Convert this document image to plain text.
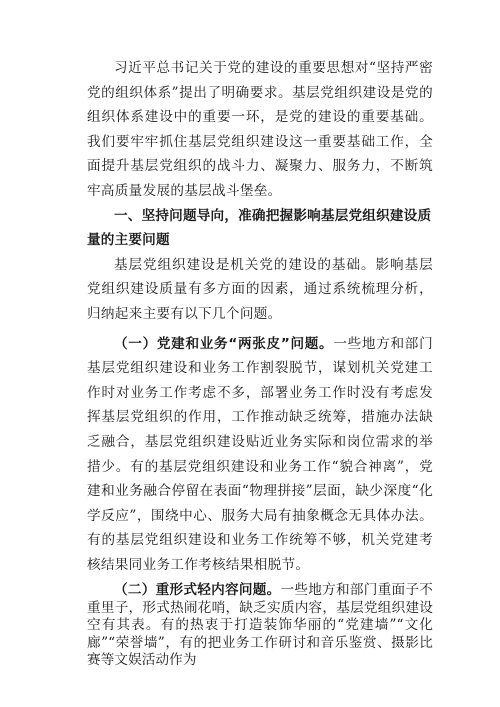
习近平总书记关于党的建设的重要思想对“坚持严密党的组织体系”提出了明确要求。基层党组织建设是党的组织体系建设中的重要一环，是党的建设的重要基础。我们要牢牢抓住基层党组织建设这一重要基础工作，全面提升基层党组织的战斗力、凝聚力、服务力，不断筑牢高质量发展的基层战斗堡垒。

一、坚持问题导向，准确把握影响基层党组织建设质量的主要问题

基层党组织建设是机关党的建设的基础。影响基层党组织建设质量有多方面的因素，通过系统梳理分析，归纳起来主要有以下几个问题。

（一）党建和业务“两张皮”问题。一些地方和部门基层党组织建设和业务工作割裂脱节，谋划机关党建工作时对业务工作考虑不多，部署业务工作时没有考虑发挥基层党组织的作用，工作推动缺乏统筹，措施办法缺乏融合，基层党组织建设贴近业务实际和岗位需求的举措少。有的基层党组织建设和业务工作“貌合神离”，党建和业务融合停留在表面“物理拼接”层面，缺少深度“化学反应”，围绕中心、服务大局有抽象概念无具体办法。有的基层党组织建设和业务工作统筹不够，机关党建考核结果同业务工作考核结果相脱节。

（二）重形式轻内容问题。一些地方和部门重面子不重里子，形式热闹花哨，缺乏实质内容，基层党组织建设空有其表。有的热衷于打造装饰华丽的“党建墙”“文化廊”“荣誉墙”，有的把业务工作研讨和音乐鉴赏、摄影比赛等文娱活动作为
